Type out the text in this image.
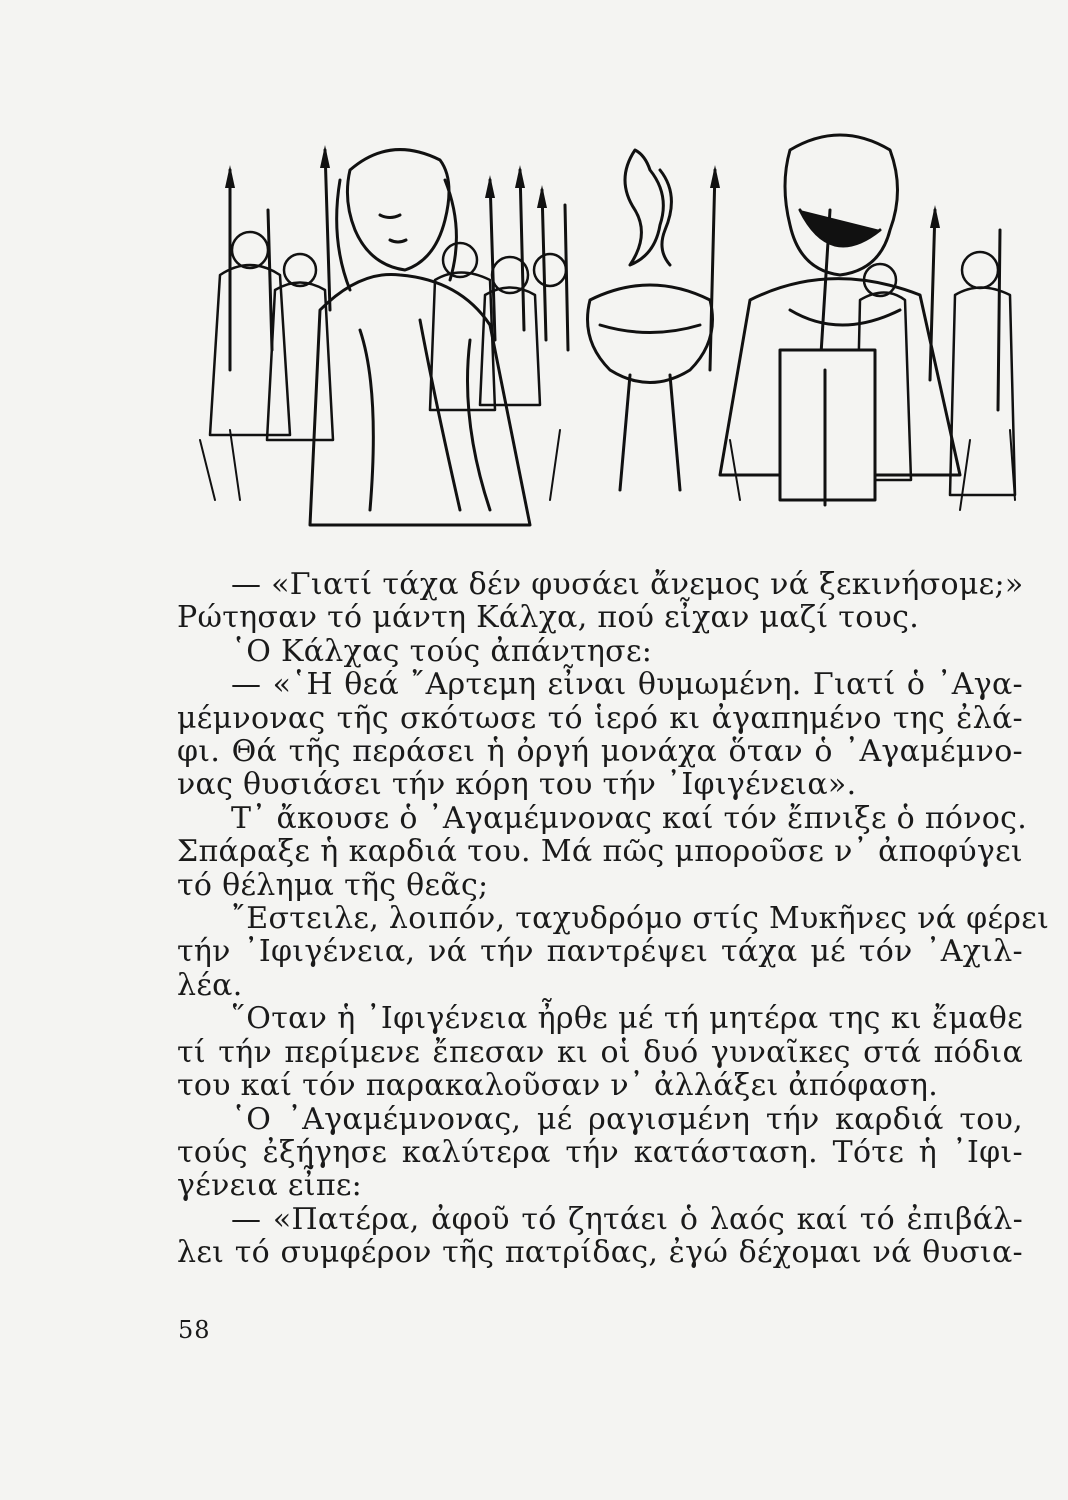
— «Γιατί τάχα δέν φυσάει ἄνεμος νά ξεκινήσομε;»
Ρώτησαν τό μάντη Κάλχα, πού εἶχαν μαζί τους.
῾Ο Κάλχας τούς ἀπάντησε:
— «῾Η θεά ῎Αρτεμη εἶναι θυμωμένη. Γιατί ὁ ᾽Αγα-
μέμνονας τῆς σκότωσε τό ἱερό κι ἀγαπημένο της ἐλά-
φι. Θά τῆς περάσει ἡ ὀργή μονάχα ὅταν ὁ ᾽Αγαμέμνο-
νας θυσιάσει τήν κόρη του τήν ᾽Ιφιγένεια».
Τ᾽ ἄκουσε ὁ ᾽Αγαμέμνονας καί τόν ἔπνιξε ὁ πόνος.
Σπάραξε ἡ καρδιά του. Μά πῶς μποροῦσε ν᾽ ἀποφύγει
τό θέλημα τῆς θεᾶς;
῎Εστειλε, λοιπόν, ταχυδρόμο στίς Μυκῆνες νά φέρει
τήν ᾽Ιφιγένεια, νά τήν παντρέψει τάχα μέ τόν ᾽Αχιλ-
λέα.
῞Οταν ἡ ᾽Ιφιγένεια ἦρθε μέ τή μητέρα της κι ἔμαθε
τί τήν περίμενε ἔπεσαν κι οἱ δυό γυναῖκες στά πόδια
του καί τόν παρακαλοῦσαν ν᾽ ἀλλάξει ἀπόφαση.
῾Ο ᾽Αγαμέμνονας, μέ ραγισμένη τήν καρδιά του,
τούς ἐξήγησε καλύτερα τήν κατάσταση. Τότε ἡ ᾽Ιφι-
γένεια εἶπε:
— «Πατέρα, ἀφοῦ τό ζητάει ὁ λαός καί τό ἐπιβάλ-
λει τό συμφέρον τῆς πατρίδας, ἐγώ δέχομαι νά θυσια-
58
